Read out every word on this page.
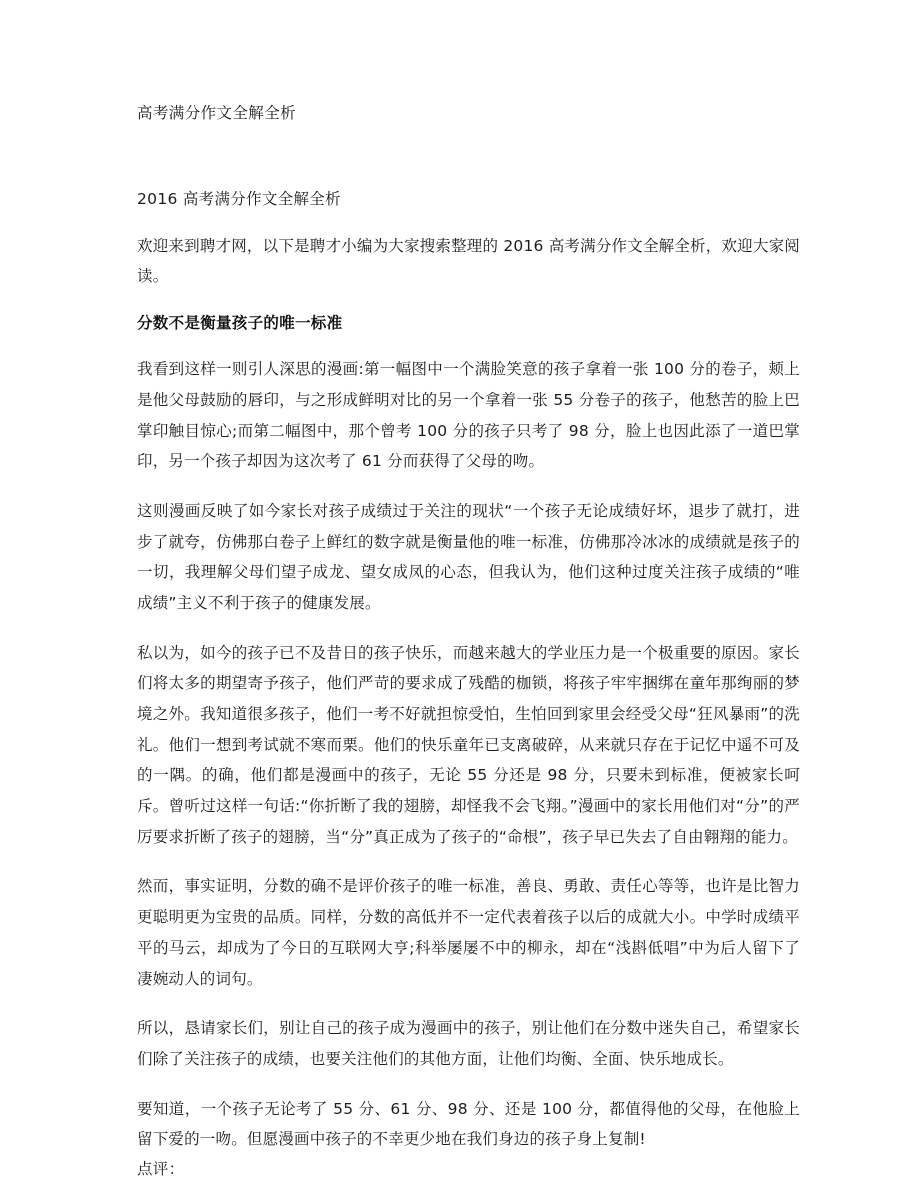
高考满分作文全解全析
2016 高考满分作文全解全析

欢迎来到聘才网，以下是聘才小编为大家搜索整理的 2016 高考满分作文全解全析，欢迎大家阅读。

分数不是衡量孩子的唯一标准

我看到这样一则引人深思的漫画:第一幅图中一个满脸笑意的孩子拿着一张 100 分的卷子，颊上是他父母鼓励的唇印，与之形成鲜明对比的另一个拿着一张 55 分卷子的孩子，他愁苦的脸上巴掌印触目惊心;而第二幅图中，那个曾考 100 分的孩子只考了 98 分，脸上也因此添了一道巴掌印，另一个孩子却因为这次考了 61 分而获得了父母的吻。

这则漫画反映了如今家长对孩子成绩过于关注的现状“一个孩子无论成绩好坏，退步了就打，进步了就夸，仿佛那白卷子上鲜红的数字就是衡量他的唯一标准，仿佛那冷冰冰的成绩就是孩子的一切，我理解父母们望子成龙、望女成凤的心态，但我认为，他们这种过度关注孩子成绩的“唯成绩”主义不利于孩子的健康发展。

私以为，如今的孩子已不及昔日的孩子快乐，而越来越大的学业压力是一个极重要的原因。家长们将太多的期望寄予孩子，他们严苛的要求成了残酷的枷锁，将孩子牢牢捆绑在童年那绚丽的梦境之外。我知道很多孩子，他们一考不好就担惊受怕，生怕回到家里会经受父母“狂风暴雨”的洗礼。他们一想到考试就不寒而栗。他们的快乐童年已支离破碎，从来就只存在于记忆中遥不可及的一隅。的确，他们都是漫画中的孩子，无论 55 分还是 98 分，只要未到标准，便被家长呵斥。曾听过这样一句话:“你折断了我的翅膀，却怪我不会飞翔。”漫画中的家长用他们对“分”的严厉要求折断了孩子的翅膀，当“分”真正成为了孩子的“命根”，孩子早已失去了自由翱翔的能力。

然而，事实证明，分数的确不是评价孩子的唯一标准，善良、勇敢、责任心等等，也许是比智力更聪明更为宝贵的品质。同样，分数的高低并不一定代表着孩子以后的成就大小。中学时成绩平平的马云，却成为了今日的互联网大亨;科举屡屡不中的柳永，却在“浅斟低唱”中为后人留下了凄婉动人的词句。

所以，恳请家长们，别让自己的孩子成为漫画中的孩子，别让他们在分数中迷失自己，希望家长们除了关注孩子的成绩，也要关注他们的其他方面，让他们均衡、全面、快乐地成长。

要知道，一个孩子无论考了 55 分、61 分、98 分、还是 100 分，都值得他的父母，在他脸上留下爱的一吻。但愿漫画中孩子的不幸更少地在我们身边的孩子身上复制!

点评：
